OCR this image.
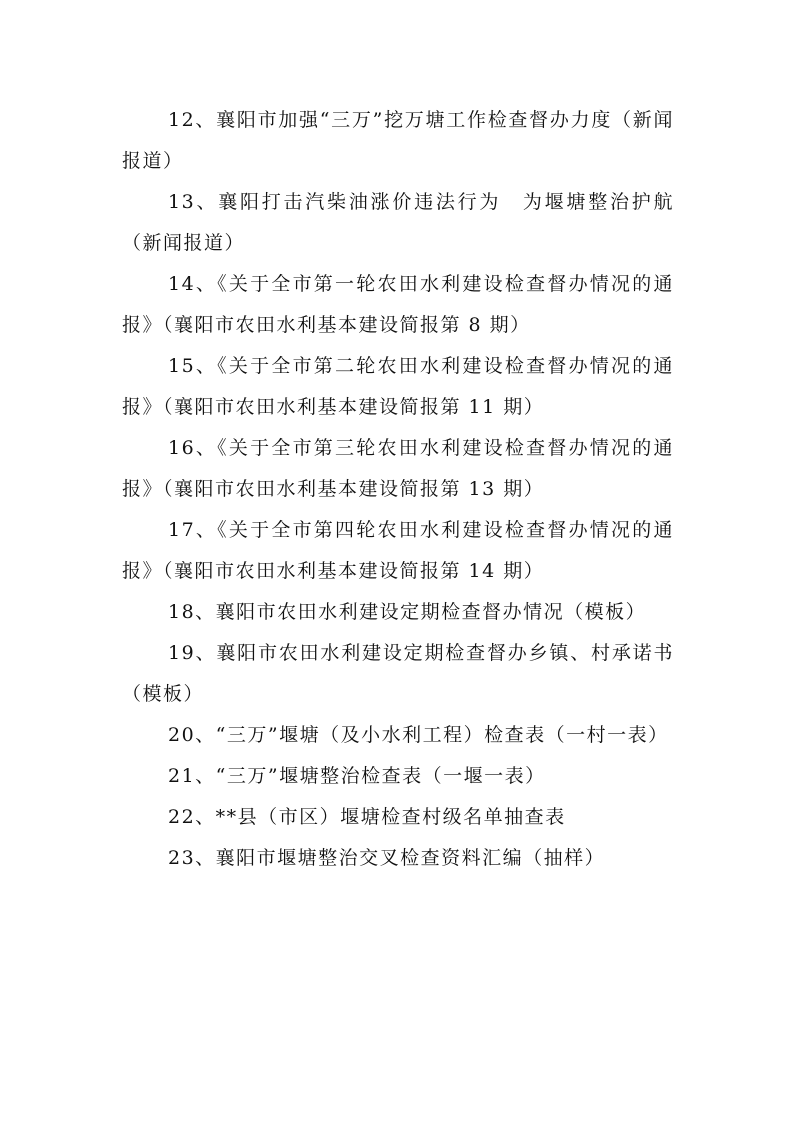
12、襄阳市加强“三万”挖万塘工作检查督办力度（新闻报道）

13、襄阳打击汽柴油涨价违法行为　为堰塘整治护航（新闻报道）

14、《关于全市第一轮农田水利建设检查督办情况的通报》（襄阳市农田水利基本建设简报第 8 期）

15、《关于全市第二轮农田水利建设检查督办情况的通报》（襄阳市农田水利基本建设简报第 11 期）

16、《关于全市第三轮农田水利建设检查督办情况的通报》（襄阳市农田水利基本建设简报第 13 期）

17、《关于全市第四轮农田水利建设检查督办情况的通报》（襄阳市农田水利基本建设简报第 14 期）

18、襄阳市农田水利建设定期检查督办情况（模板）

19、襄阳市农田水利建设定期检查督办乡镇、村承诺书（模板）

20、“三万”堰塘（及小水利工程）检查表（一村一表）

21、“三万”堰塘整治检查表（一堰一表）

22、**县（市区）堰塘检查村级名单抽查表

23、襄阳市堰塘整治交叉检查资料汇编（抽样）
